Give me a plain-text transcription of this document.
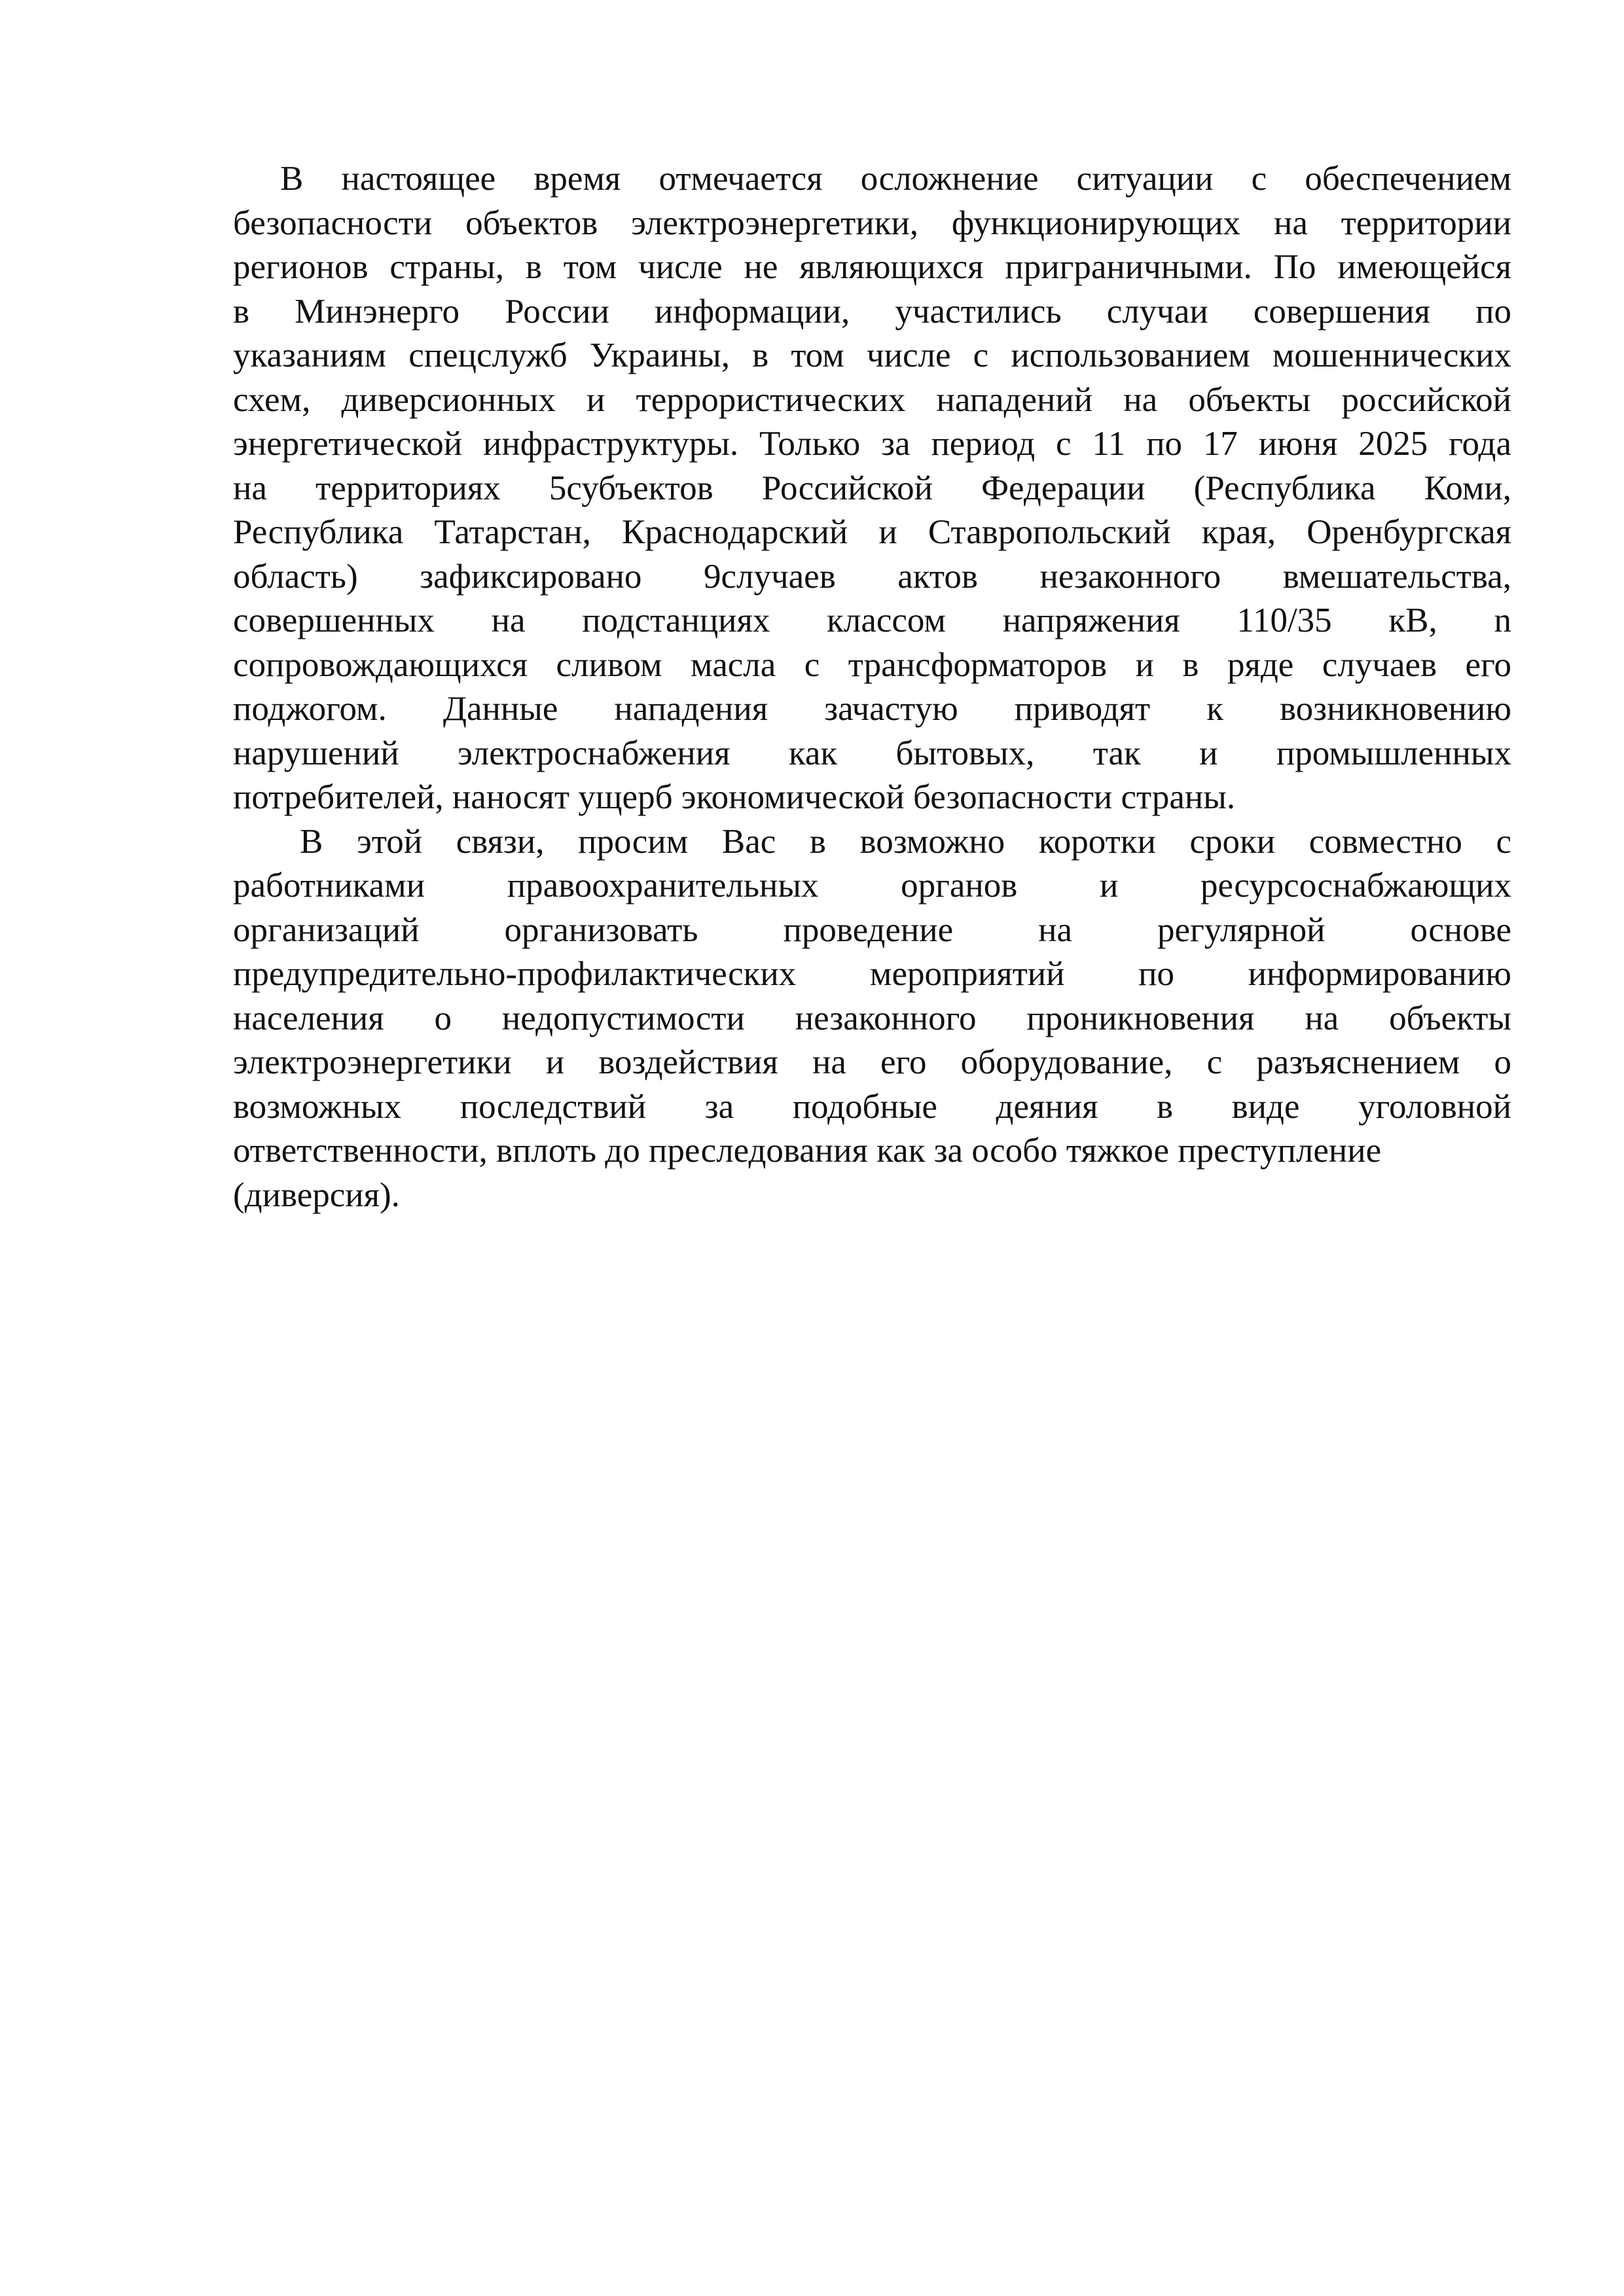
В настоящее время отмечается осложнение ситуации с обеспечением
безопасности объектов электроэнергетики, функционирующих на территории
регионов страны, в том числе не являющихся приграничными. По имеющейся
в Минэнерго России информации, участились случаи совершения по
указаниям спецслужб Украины, в том числе с использованием мошеннических
схем, диверсионных и террористических нападений на объекты российской
энергетической инфраструктуры. Только за период с 11 по 17 июня 2025 года
на территориях 5субъектов Российской Федерации (Республика Коми,
Республика Татарстан, Краснодарский и Ставропольский края, Оренбургская
область) зафиксировано 9случаев актов незаконного вмешательства,
совершенных на подстанциях классом напряжения 110/35 кВ, n
сопровождающихся сливом масла с трансформаторов и в ряде случаев его
поджогом. Данные нападения зачастую приводят к возникновению
нарушений электроснабжения как бытовых, так и промышленных
потребителей, наносят ущерб экономической безопасности страны.
В этой связи, просим Вас в возможно коротки сроки совместно с
работниками правоохранительных органов и ресурсоснабжающих
организаций организовать проведение на регулярной основе
предупредительно-профилактических мероприятий по информированию
населения о недопустимости незаконного проникновения на объекты
электроэнергетики и воздействия на его оборудование, с разъяснением о
возможных последствий за подобные деяния в виде уголовной
ответственности, вплоть до преследования как за особо тяжкое преступление
(диверсия).
